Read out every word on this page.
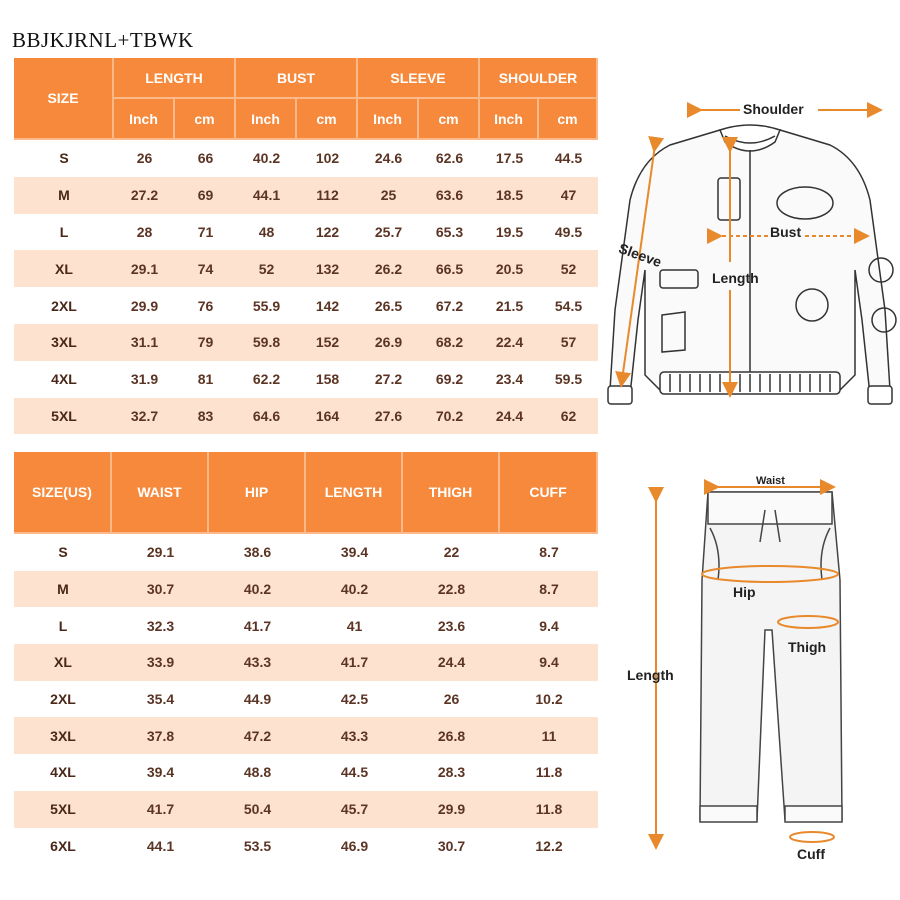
BBJKJRNL+TBWK
SIZE	LENGTH		BUST		SLEEVE		SHOULDER	
	Inch	cm	Inch	cm	Inch	cm	Inch	cm
S	26	66	40.2	102	24.6	62.6	17.5	44.5
M	27.2	69	44.1	112	25	63.6	18.5	47
L	28	71	48	122	25.7	65.3	19.5	49.5
XL	29.1	74	52	132	26.2	66.5	20.5	52
2XL	29.9	76	55.9	142	26.5	67.2	21.5	54.5
3XL	31.1	79	59.8	152	26.9	68.2	22.4	57
4XL	31.9	81	62.2	158	27.2	69.2	23.4	59.5
5XL	32.7	83	64.6	164	27.6	70.2	24.4	62
SIZE(US)	WAIST	HIP	LENGTH	THIGH	CUFF
S	29.1	38.6	39.4	22	8.7
M	30.7	40.2	40.2	22.8	8.7
L	32.3	41.7	41	23.6	9.4
XL	33.9	43.3	41.7	24.4	9.4
2XL	35.4	44.9	42.5	26	10.2
3XL	37.8	47.2	43.3	26.8	11
4XL	39.4	48.8	44.5	28.3	11.8
5XL	41.7	50.4	45.7	29.9	11.8
6XL	44.1	53.5	46.9	30.7	12.2
Shoulder
Bust
Sleeve
Length
Waist
Hip
Thigh
Length
Cuff
